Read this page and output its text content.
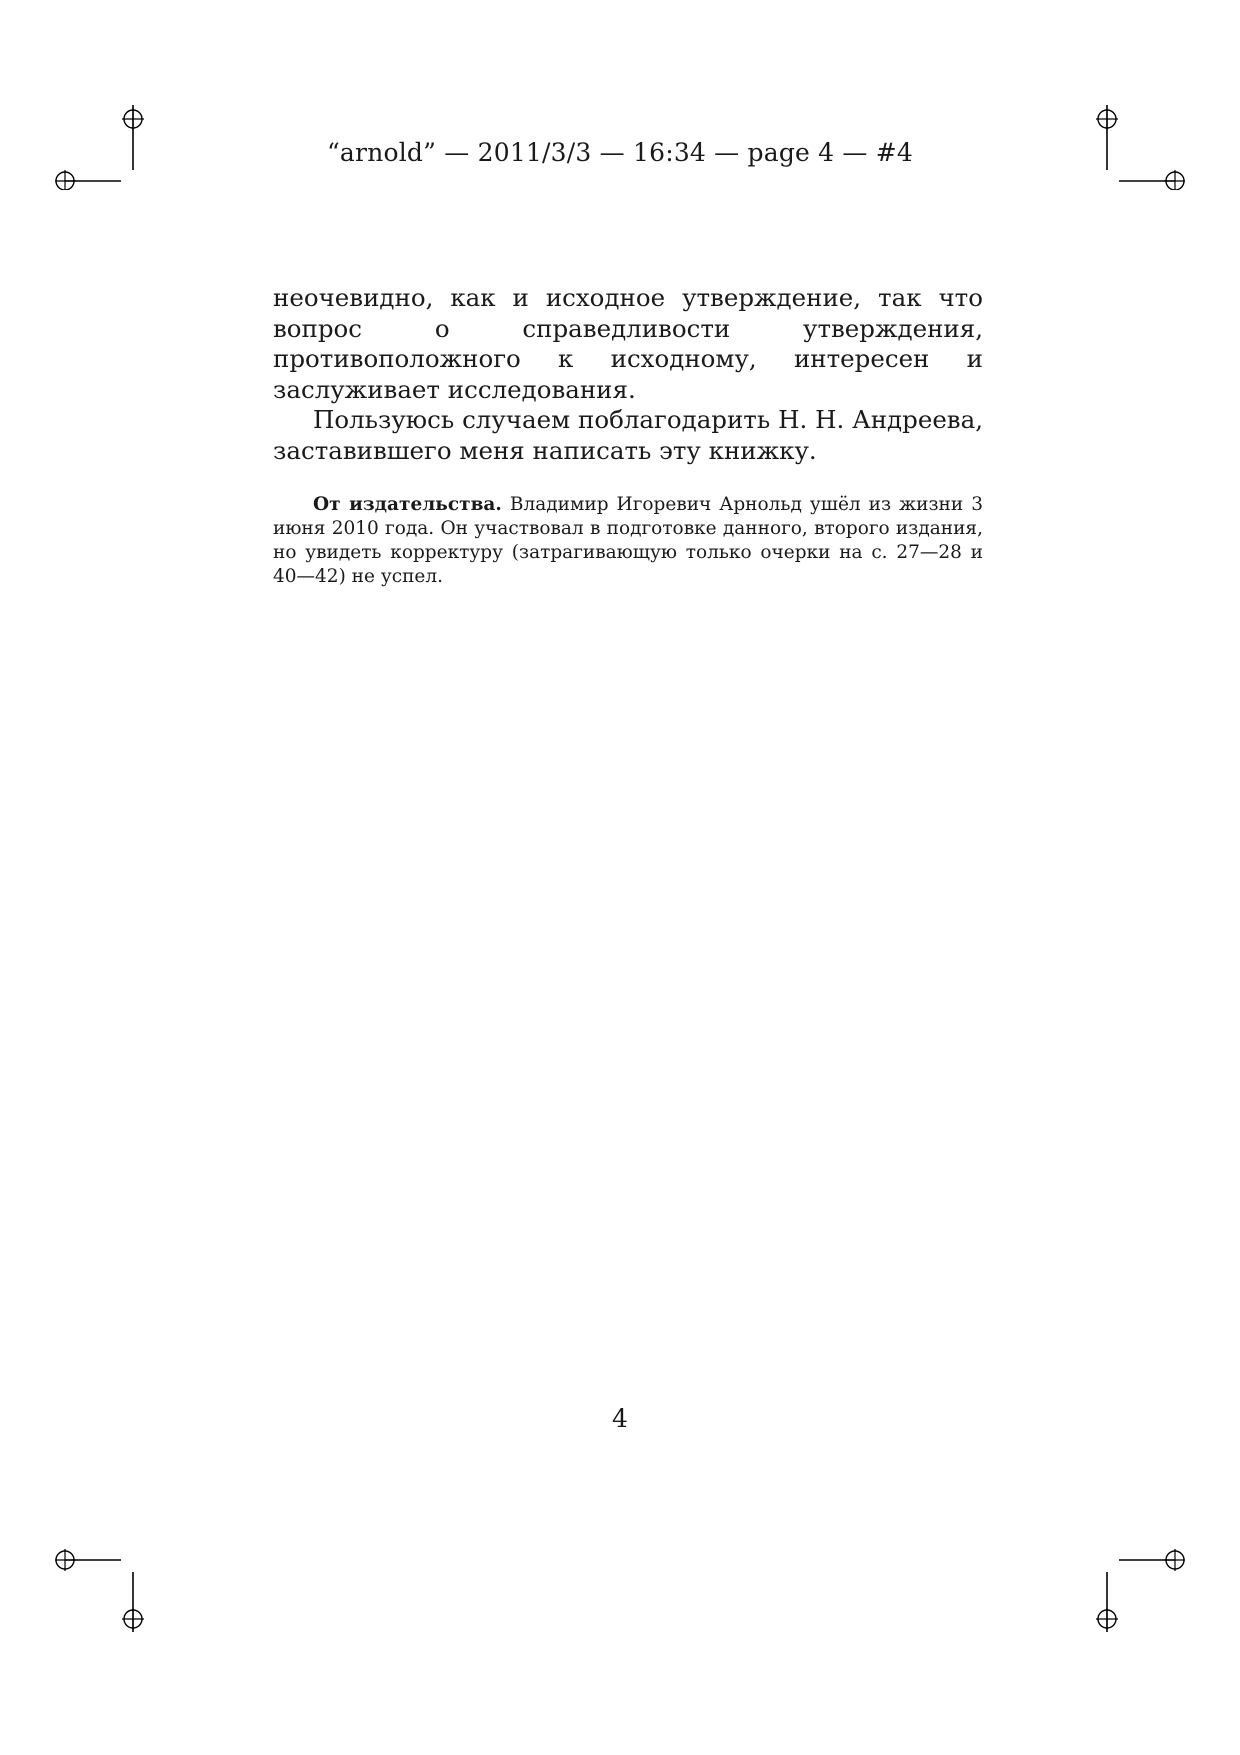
“arnold” — 2011/3/3 — 16:34 — page 4 — #4

неочевидно, как и исходное утверждение, так что вопрос о справедливости утверждения, противоположного к исходному, интересен и заслуживает исследования.

Пользуюсь случаем поблагодарить Н. Н. Андреева, заставившего меня написать эту книжку.

От издательства. Владимир Игоревич Арнольд ушёл из жизни 3 июня 2010 года. Он участвовал в подготовке данного, второго издания, но увидеть корректуру (затрагивающую только очерки на с. 27—28 и 40—42) не успел.

4
